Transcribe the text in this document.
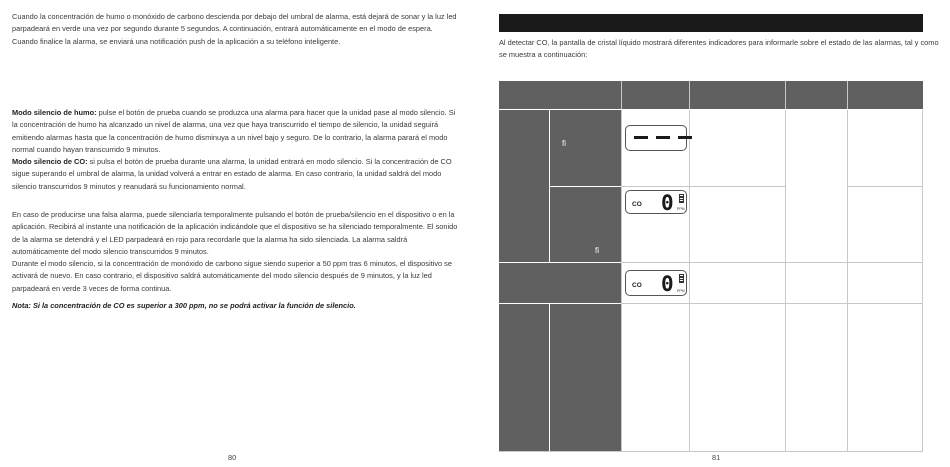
Cuando la concentración de humo o monóxido de carbono descienda por debajo del umbral de alarma, está dejará de sonar y la luz led parpadeará en verde una vez por segundo durante 5 segundos. A continuación, entrará automáticamente en el modo de espera. Cuando finalice la alarma, se enviará una notificación push de la aplicación a su teléfono inteligente.

Modo silencio de humo: pulse el botón de prueba cuando se produzca una alarma para hacer que la unidad pase al modo silencio. Si la concentración de humo ha alcanzado un nivel de alarma, una vez que haya transcurrido el tiempo de silencio, la unidad seguirá emitiendo alarmas hasta que la concentración de humo disminuya a un nivel bajo y seguro. De lo contrario, la alarma parará el modo normal cuando hayan transcurrido 9 minutos.

Modo silencio de CO: si pulsa el botón de prueba durante una alarma, la unidad entrará en modo silencio. Si la concentración de CO sigue superando el umbral de alarma, la unidad volverá a entrar en estado de alarma. En caso contrario, la unidad saldrá del modo silencio transcurridos 9 minutos y reanudará su funcionamiento normal.

En caso de producirse una falsa alarma, puede silenciarla temporalmente pulsando el botón de prueba/silencio en el dispositivo o en la aplicación. Recibirá al instante una notificación de la aplicación indicándole que el dispositivo se ha silenciado temporalmente. El sonido de la alarma se detendrá y el LED parpadeará en rojo para recordarle que la alarma ha sido silenciada. La alarma saldrá automáticamente del modo silencio transcurridos 9 minutos.

Durante el modo silencio, si la concentración de monóxido de carbono sigue siendo superior a 50 ppm tras 6 minutos, el dispositivo se activará de nuevo. En caso contrario, el dispositivo saldrá automáticamente del modo silencio después de 9 minutos, y la luz led parpadeará en verde 3 veces de forma continua.

Nota: Si la concentración de CO es superior a 300 ppm, no se podrá activar la función de silencio.

80

Al detectar CO, la pantalla de cristal líquido mostrará diferentes indicadores para informarle sobre el estado de las alarmas, tal y como se muestra a continuación:

fi
fi
CO 0 PPM
CO 0 PPM
81
